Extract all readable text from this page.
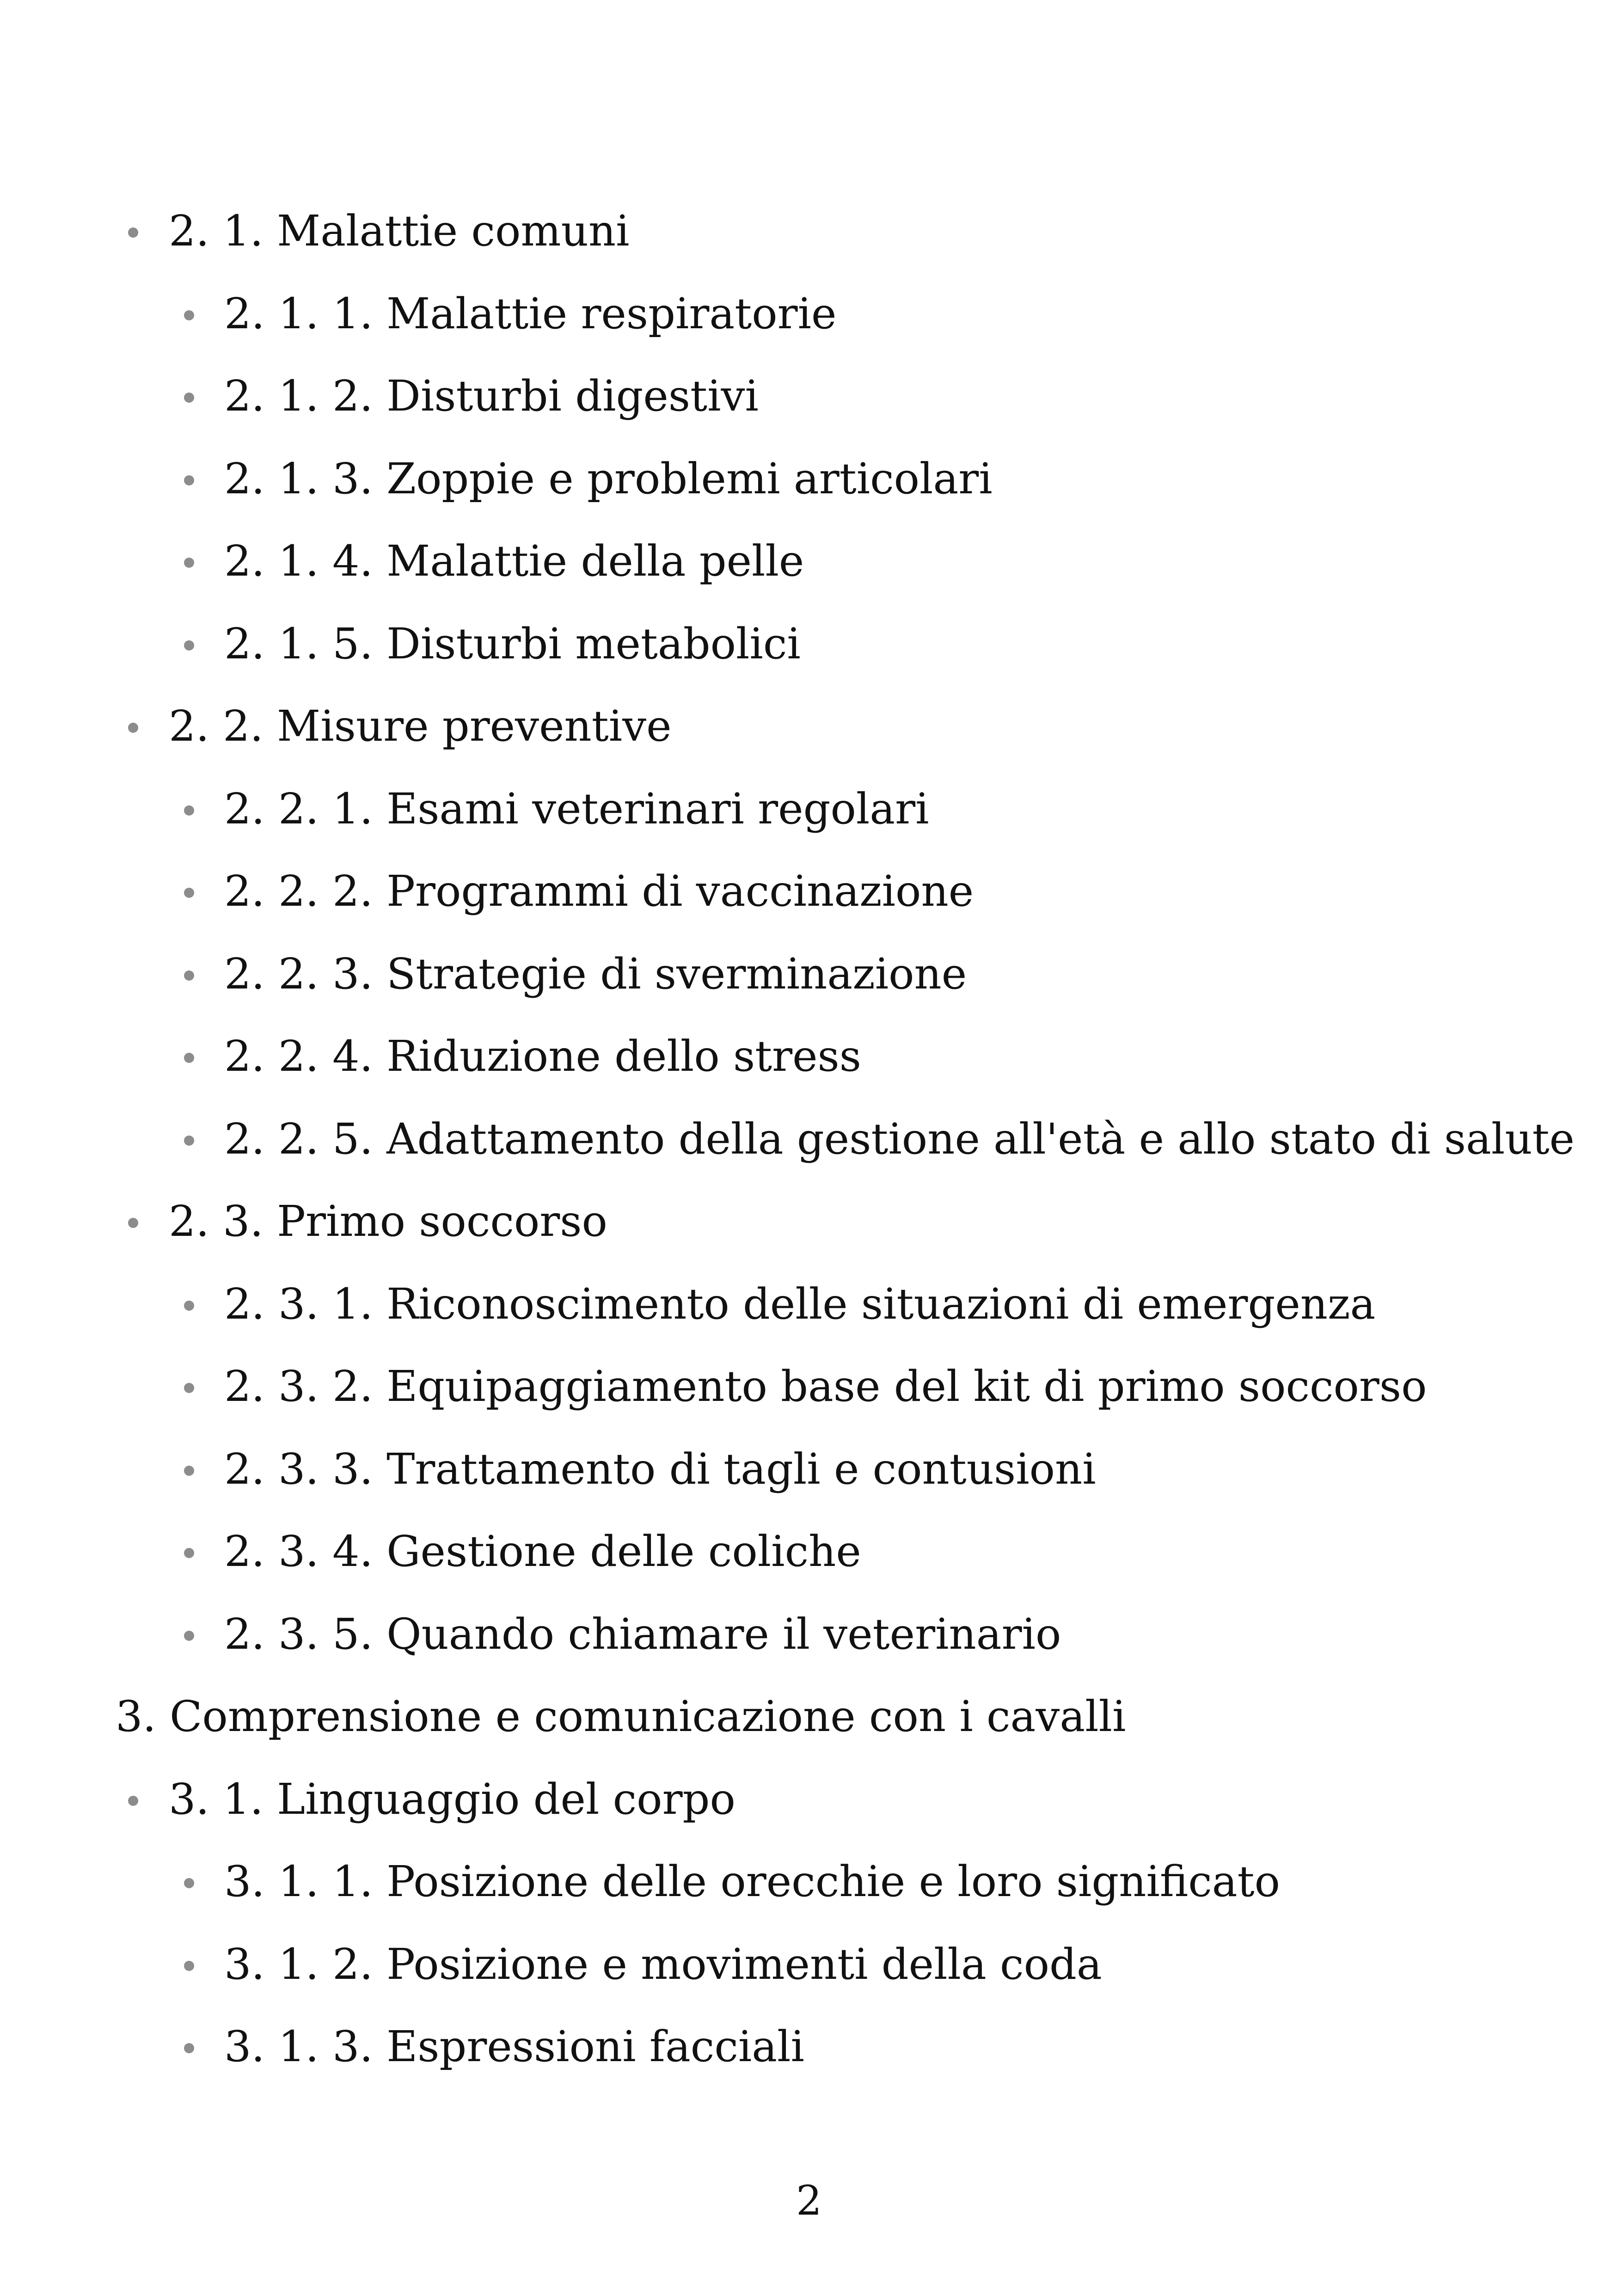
2. 1. Malattie comuni
2. 1. 1. Malattie respiratorie
2. 1. 2. Disturbi digestivi
2. 1. 3. Zoppie e problemi articolari
2. 1. 4. Malattie della pelle
2. 1. 5. Disturbi metabolici
2. 2. Misure preventive
2. 2. 1. Esami veterinari regolari
2. 2. 2. Programmi di vaccinazione
2. 2. 3. Strategie di sverminazione
2. 2. 4. Riduzione dello stress
2. 2. 5. Adattamento della gestione all'età e allo stato di salute
2. 3. Primo soccorso
2. 3. 1. Riconoscimento delle situazioni di emergenza
2. 3. 2. Equipaggiamento base del kit di primo soccorso
2. 3. 3. Trattamento di tagli e contusioni
2. 3. 4. Gestione delle coliche
2. 3. 5. Quando chiamare il veterinario
3. Comprensione e comunicazione con i cavalli
3. 1. Linguaggio del corpo
3. 1. 1. Posizione delle orecchie e loro significato
3. 1. 2. Posizione e movimenti della coda
3. 1. 3. Espressioni facciali
2
